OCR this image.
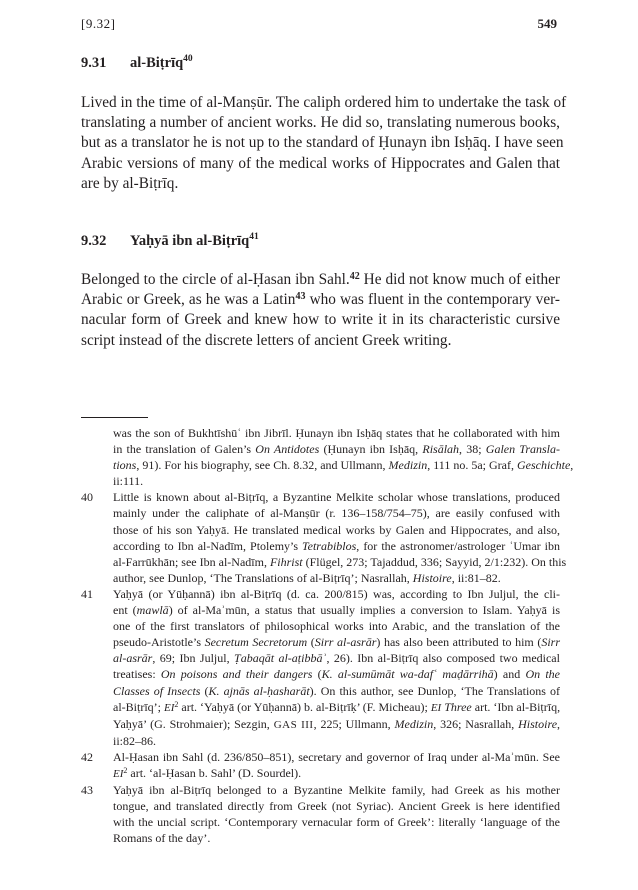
[9.32]	549
9.31 al-Biṭrīq$^{40}$
Lived in the time of al-Manṣūr. The caliph ordered him to undertake the task of
translating a number of ancient works. He did so, translating numerous books,
but as a translator he is not up to the standard of Ḥunayn ibn Isḥāq. I have seen
Arabic versions of many of the medical works of Hippocrates and Galen that
are by al-Biṭrīq.
9.32 Yaḥyā ibn al-Biṭrīq$^{41}$
Belonged to the circle of al-Ḥasan ibn Sahl.$^{42}$ He did not know much of either
Arabic or Greek, as he was a Latin$^{43}$ who was fluent in the contemporary ver-
nacular form of Greek and knew how to write it in its characteristic cursive
script instead of the discrete letters of ancient Greek writing.
was the son of Bukhtīshūʿ ibn Jibrīl. Ḥunayn ibn Isḥāq states that he collaborated with him
in the translation of Galen’s On Antidotes (Ḥunayn ibn Isḥāq, Risālah, 38; Galen Transla-
tions, 91). For his biography, see Ch. 8.32, and Ullmann, Medizin, 111 no. 5a; Graf, Geschichte,
ii:111.
40 Little is known about al-Biṭrīq, a Byzantine Melkite scholar whose translations, produced
mainly under the caliphate of al-Manṣūr (r. 136–158/754–75), are easily confused with
those of his son Yaḥyā. He translated medical works by Galen and Hippocrates, and also,
according to Ibn al-Nadīm, Ptolemy’s Tetrabiblos, for the astronomer/astrologer ʿUmar ibn
al-Farrūkhān; see Ibn al-Nadīm, Fihrist (Flügel, 273; Tajaddud, 336; Sayyid, 2/1:232). On this
author, see Dunlop, ‘The Translations of al-Biṭrīq’; Nasrallah, Histoire, ii:81–82.
41 Yaḥyā (or Yūḥannā) ibn al-Biṭrīq (d. ca. 200/815) was, according to Ibn Juljul, the cli-
ent (mawlā) of al-Maʾmūn, a status that usually implies a conversion to Islam. Yaḥyā is
one of the first translators of philosophical works into Arabic, and the translation of the
pseudo-Aristotle’s Secretum Secretorum (Sirr al-asrār) has also been attributed to him (Sirr
al-asrār, 69; Ibn Juljul, Ṭabaqāt al-aṭibbāʾ, 26). Ibn al-Biṭrīq also composed two medical
treatises: On poisons and their dangers (K. al-sumūmāt wa-dafʿ maḍārrihā) and On the
Classes of Insects (K. ajnās al-ḥasharāt). On this author, see Dunlop, ‘The Translations of
al-Biṭrīq’; $EI^2$ art. ‘Yaḥyā (or Yūḥannā) b. al-Biṭrīḳ’ (F. Micheau); EI Three art. ‘Ibn al-Biṭrīq,
Yaḥyā’ (G. Strohmaier); Sezgin, GAS III, 225; Ullmann, Medizin, 326; Nasrallah, Histoire,
ii:82–86.
42 Al-Ḥasan ibn Sahl (d. 236/850–851), secretary and governor of Iraq under al-Maʾmūn. See
$EI^2$ art. ‘al-Ḥasan b. Sahl’ (D. Sourdel).
43 Yaḥyā ibn al-Biṭrīq belonged to a Byzantine Melkite family, had Greek as his mother
tongue, and translated directly from Greek (not Syriac). Ancient Greek is here identified
with the uncial script. ‘Contemporary vernacular form of Greek’: literally ‘language of the
Romans of the day’.
